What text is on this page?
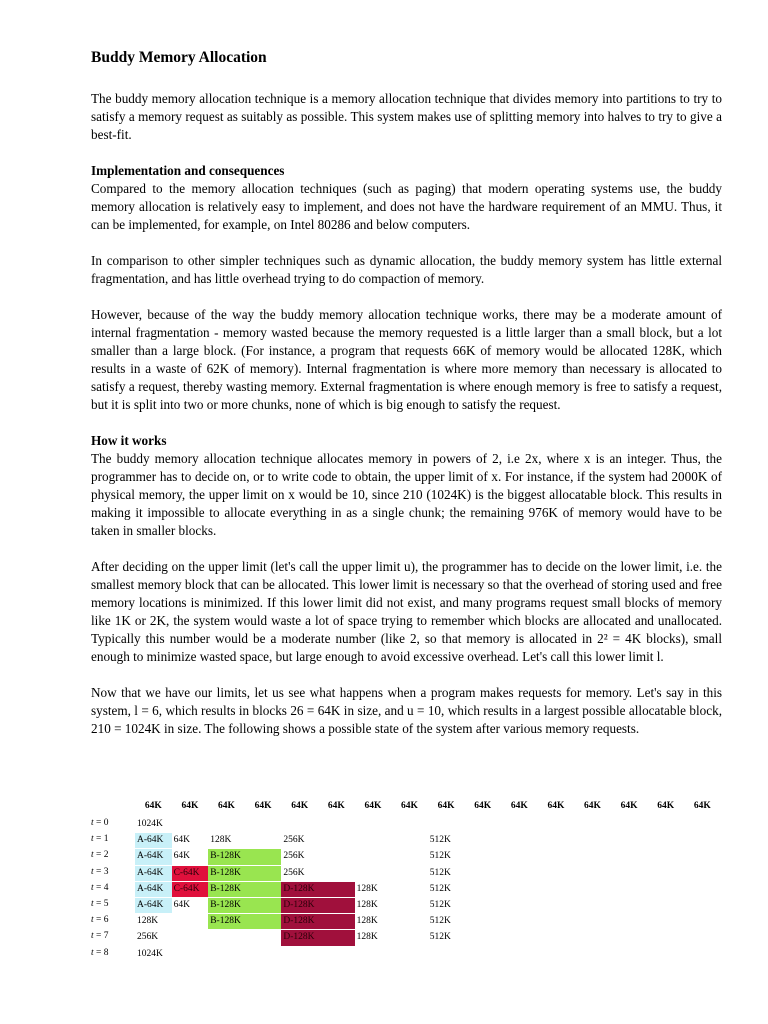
Buddy Memory Allocation

The buddy memory allocation technique is a memory allocation technique that divides memory into partitions to try to satisfy a memory request as suitably as possible. This system makes use of splitting memory into halves to try to give a best-fit.

Implementation and consequences

Compared to the memory allocation techniques (such as paging) that modern operating systems use, the buddy memory allocation is relatively easy to implement, and does not have the hardware requirement of an MMU. Thus, it can be implemented, for example, on Intel 80286 and below computers.

In comparison to other simpler techniques such as dynamic allocation, the buddy memory system has little external fragmentation, and has little overhead trying to do compaction of memory.

However, because of the way the buddy memory allocation technique works, there may be a moderate amount of internal fragmentation - memory wasted because the memory requested is a little larger than a small block, but a lot smaller than a large block. (For instance, a program that requests 66K of memory would be allocated 128K, which results in a waste of 62K of memory). Internal fragmentation is where more memory than necessary is allocated to satisfy a request, thereby wasting memory. External fragmentation is where enough memory is free to satisfy a request, but it is split into two or more chunks, none of which is big enough to satisfy the request.

How it works

The buddy memory allocation technique allocates memory in powers of 2, i.e 2x, where x is an integer. Thus, the programmer has to decide on, or to write code to obtain, the upper limit of x. For instance, if the system had 2000K of physical memory, the upper limit on x would be 10, since 210 (1024K) is the biggest allocatable block. This results in making it impossible to allocate everything in as a single chunk; the remaining 976K of memory would have to be taken in smaller blocks.

After deciding on the upper limit (let's call the upper limit u), the programmer has to decide on the lower limit, i.e. the smallest memory block that can be allocated. This lower limit is necessary so that the overhead of storing used and free memory locations is minimized. If this lower limit did not exist, and many programs request small blocks of memory like 1K or 2K, the system would waste a lot of space trying to remember which blocks are allocated and unallocated. Typically this number would be a moderate number (like 2, so that memory is allocated in 2² = 4K blocks), small enough to minimize wasted space, but large enough to avoid excessive overhead. Let's call this lower limit l.

Now that we have our limits, let us see what happens when a program makes requests for memory. Let's say in this system, l = 6, which results in blocks 26 = 64K in size, and u = 10, which results in a largest possible allocatable block, 210 = 1024K in size. The following shows a possible state of the system after various memory requests.

64K	64K	64K	64K	64K	64K	64K	64K	64K	64K	64K	64K	64K	64K	64K	64K
t = 0	1024K
t = 1	A-64K	64K	128K	256K	512K
t = 2	A-64K	64K	B-128K	256K	512K
t = 3	A-64K	C-64K	B-128K	256K	512K
t = 4	A-64K	C-64K	B-128K	D-128K	128K	512K
t = 5	A-64K	64K	B-128K	D-128K	128K	512K
t = 6	128K	B-128K	D-128K	128K	512K
t = 7	256K	D-128K	128K	512K
t = 8	1024K
